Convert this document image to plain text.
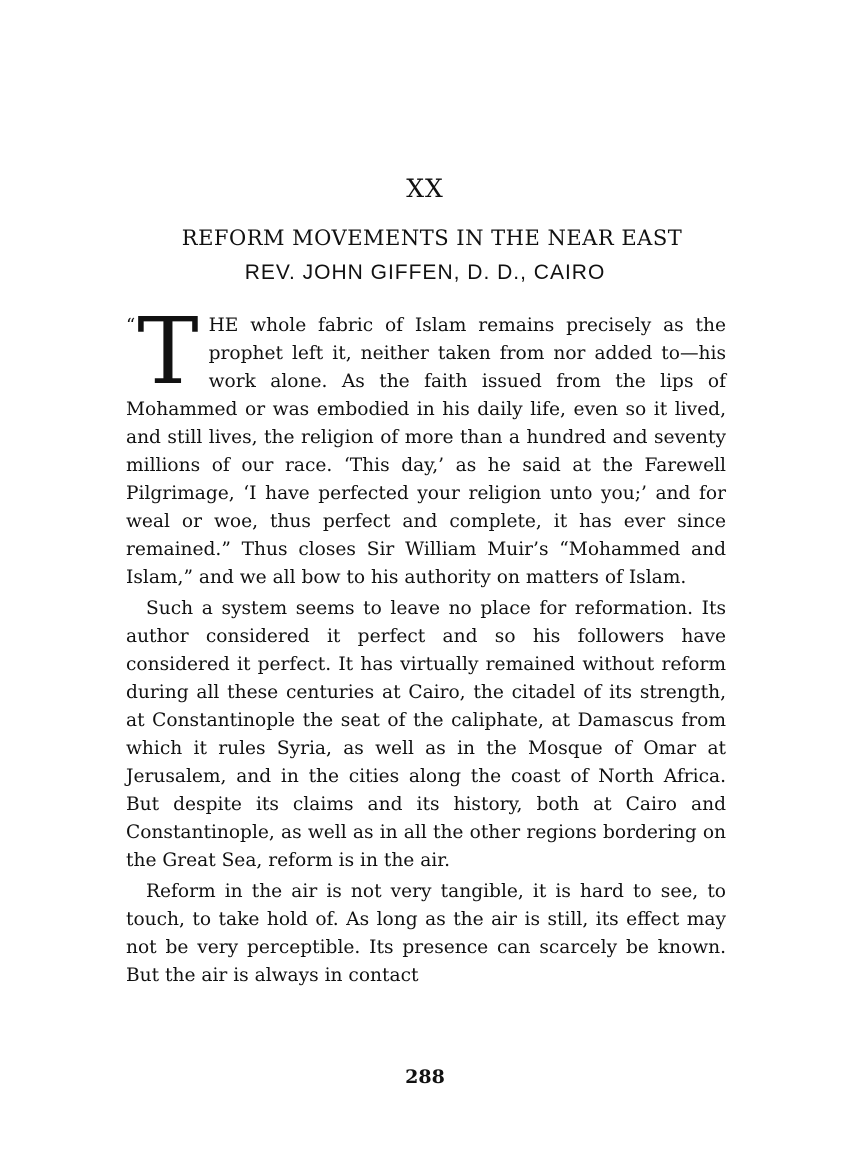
XX
REFORM MOVEMENTS IN THE NEAR EAST
REV. JOHN GIFFEN, D. D., CAIRO

“ T HE whole fabric of Islam remains precisely as the prophet left it, neither taken from nor added to—his work alone. As the faith issued from the lips of Mohammed or was embodied in his daily life, even so it lived, and still lives, the religion of more than a hundred and seventy millions of our race. ‘This day,’ as he said at the Farewell Pilgrimage, ‘I have perfected your religion unto you;’ and for weal or woe, thus perfect and complete, it has ever since remained.” Thus closes Sir William Muir’s “Mohammed and Islam,” and we all bow to his authority on matters of Islam.

Such a system seems to leave no place for reformation. Its author considered it perfect and so his followers have considered it perfect. It has virtually remained without reform during all these centuries at Cairo, the citadel of its strength, at Constantinople the seat of the caliphate, at Damascus from which it rules Syria, as well as in the Mosque of Omar at Jerusalem, and in the cities along the coast of North Africa. But despite its claims and its history, both at Cairo and Constantinople, as well as in all the other regions bordering on the Great Sea, reform is in the air.

Reform in the air is not very tangible, it is hard to see, to touch, to take hold of. As long as the air is still, its effect may not be very perceptible. Its presence can scarcely be known. But the air is always in contact

288
